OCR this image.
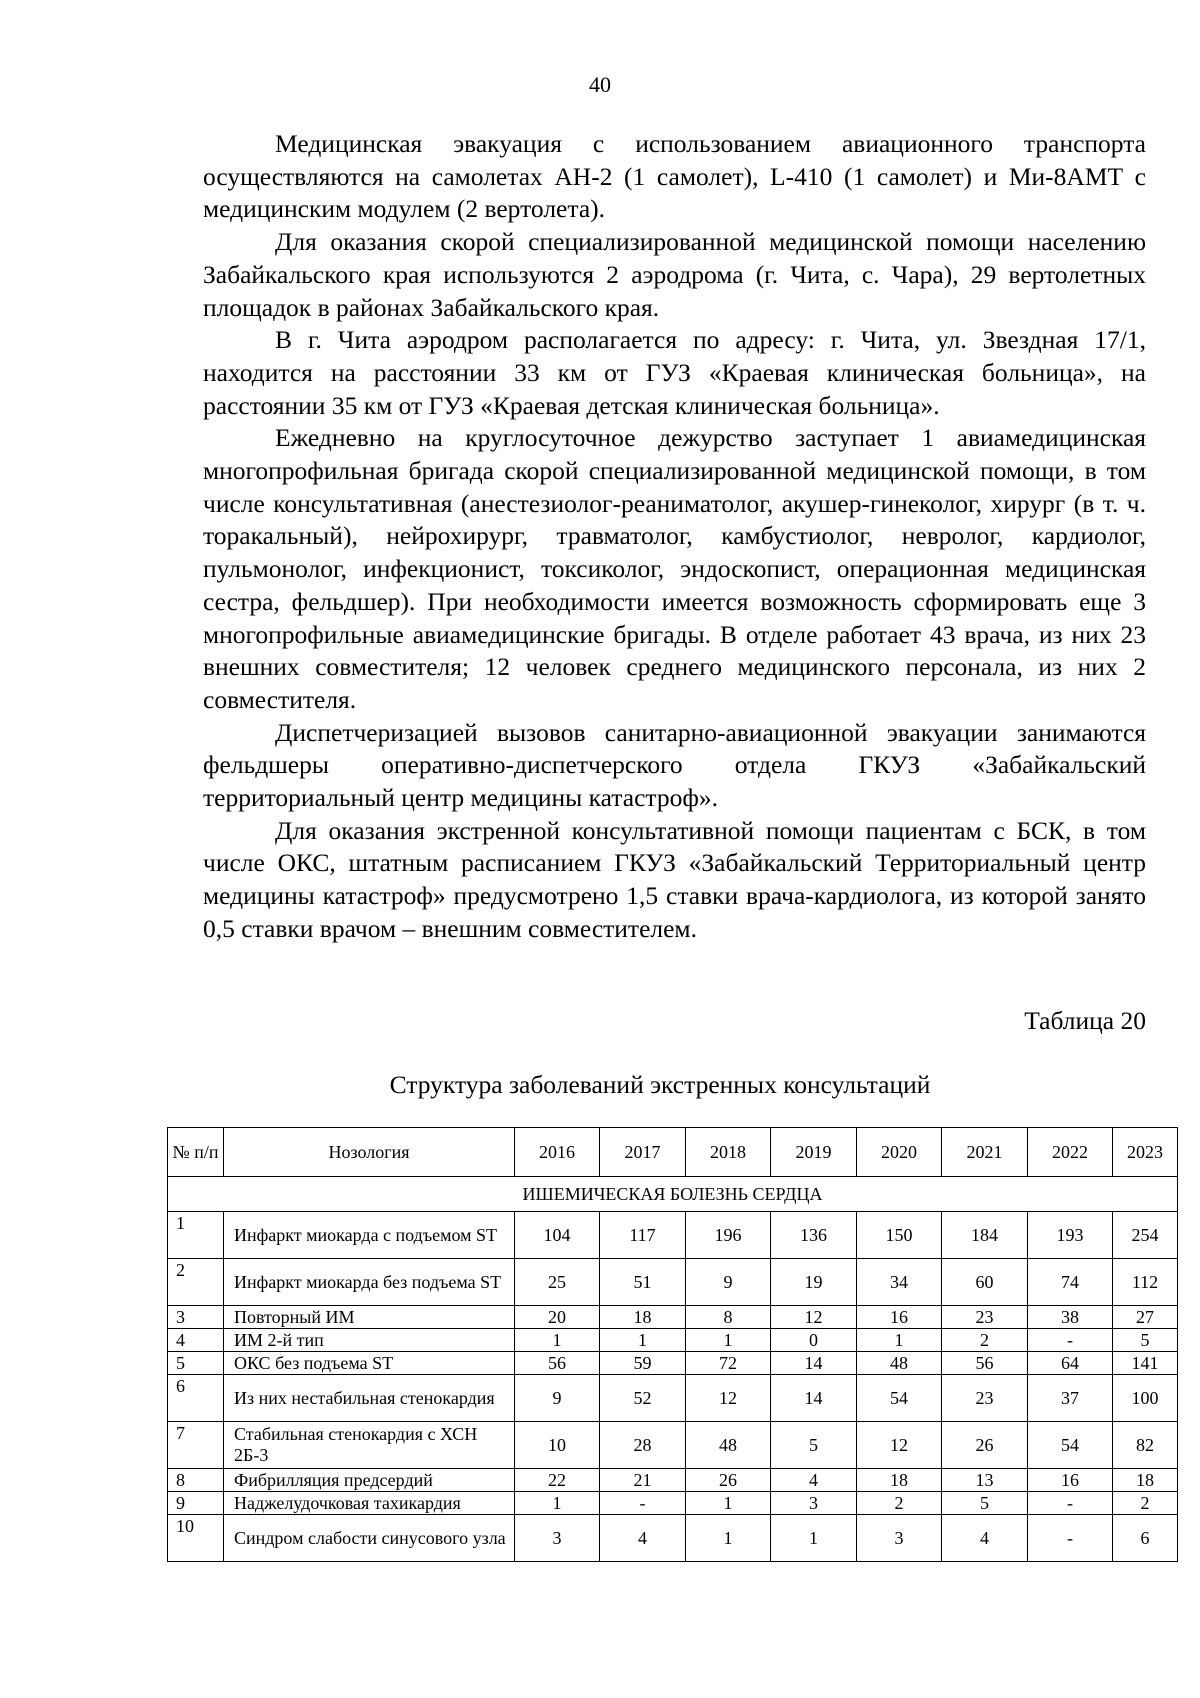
40

Медицинская эвакуация с использованием авиационного транспорта осуществляются на самолетах АН-2 (1 самолет), L-410 (1 самолет) и Ми-8АМТ с медицинским модулем (2 вертолета).

Для оказания скорой специализированной медицинской помощи населению Забайкальского края используются 2 аэродрома (г. Чита, с. Чара), 29 вертолетных площадок в районах Забайкальского края.

В г. Чита аэродром располагается по адресу: г. Чита, ул. Звездная 17/1, находится на расстоянии 33 км от ГУЗ «Краевая клиническая больница», на расстоянии 35 км от ГУЗ «Краевая детская клиническая больница».

Ежедневно на круглосуточное дежурство заступает 1 авиамедицинская многопрофильная бригада скорой специализированной медицинской помощи, в том числе консультативная (анестезиолог-реаниматолог, акушер-гинеколог, хирург (в т. ч. торакальный), нейрохирург, травматолог, камбустиолог, невролог, кардиолог, пульмонолог, инфекционист, токсиколог, эндоскопист, операционная медицинская сестра, фельдшер). При необходимости имеется возможность сформировать еще 3 многопрофильные авиамедицинские бригады. В отделе работает 43 врача, из них 23 внешних совместителя; 12 человек среднего медицинского персонала, из них 2 совместителя.

Диспетчеризацией вызовов санитарно-авиационной эвакуации занимаются фельдшеры оперативно-диспетчерского отдела ГКУЗ «Забайкальский территориальный центр медицины катастроф».

Для оказания экстренной консультативной помощи пациентам с БСК, в том числе ОКС, штатным расписанием ГКУЗ «Забайкальский Территориальный центр медицины катастроф» предусмотрено 1,5 ставки врача-кардиолога, из которой занято 0,5 ставки врачом – внешним совместителем.

Таблица 20
Структура заболеваний экстренных консультаций
№ п/п	Нозология	2016	2017	2018	2019	2020	2021	2022	2023
ИШЕМИЧЕСКАЯ БОЛЕЗНЬ СЕРДЦА									
1	Инфаркт миокарда с подъемом ST	104	117	196	136	150	184	193	254
2	Инфаркт миокарда без подъема ST	25	51	9	19	34	60	74	112
3	Повторный ИМ	20	18	8	12	16	23	38	27
4	ИМ 2-й тип	1	1	1	0	1	2	-	5
5	ОКС без подъема ST	56	59	72	14	48	56	64	141
6	Из них нестабильная стенокардия	9	52	12	14	54	23	37	100
7	Стабильная стенокардия с ХСН 2Б-3	10	28	48	5	12	26	54	82
8	Фибрилляция предсердий	22	21	26	4	18	13	16	18
9	Наджелудочковая тахикардия	1	-	1	3	2	5	-	2
10	Синдром слабости синусового узла	3	4	1	1	3	4	-	6
